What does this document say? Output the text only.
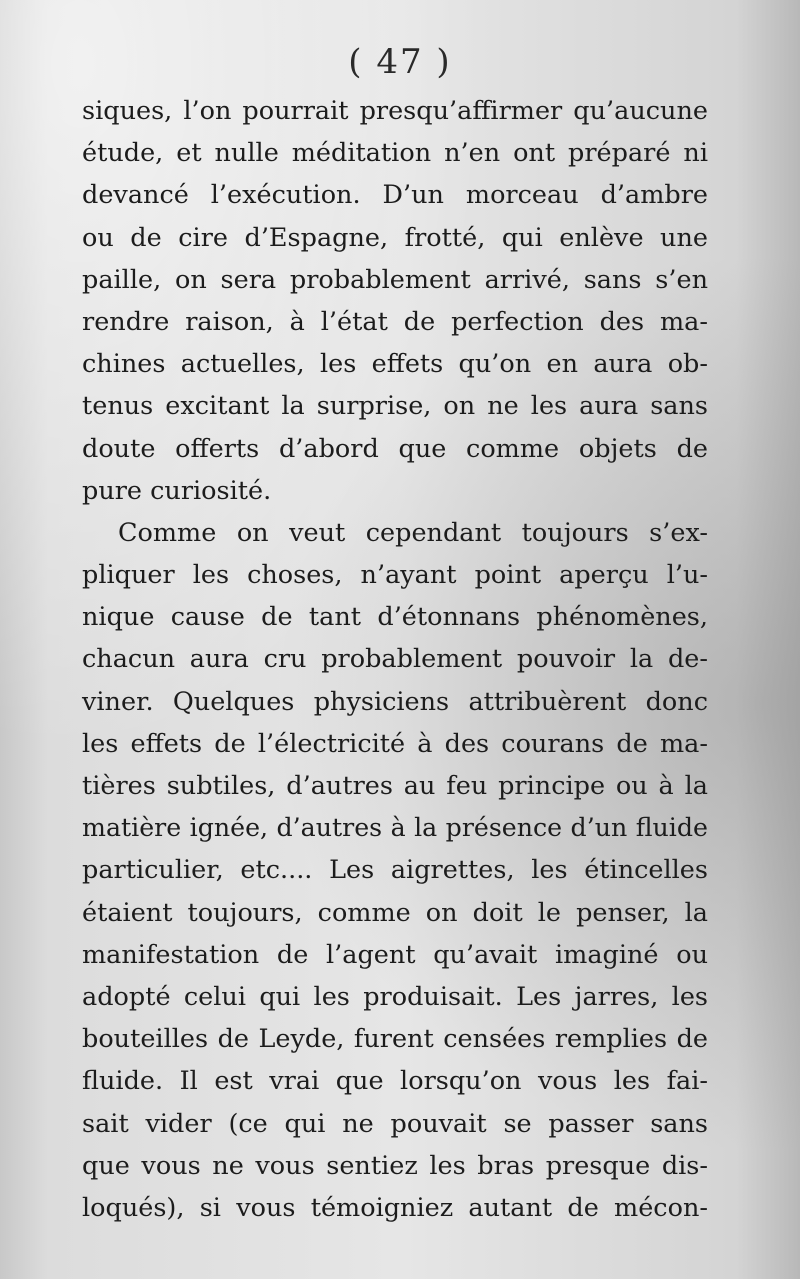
( 47 )
siques, l’on pourrait presqu’affirmer qu’aucune
étude, et nulle méditation n’en ont préparé ni
devancé l’exécution. D’un morceau d’ambre
ou de cire d’Espagne, frotté, qui enlève une
paille, on sera probablement arrivé, sans s’en
rendre raison, à l’état de perfection des ma-
chines actuelles, les effets qu’on en aura ob-
tenus excitant la surprise, on ne les aura sans
doute offerts d’abord que comme objets de
pure curiosité.
Comme on veut cependant toujours s’ex-
pliquer les choses, n’ayant point aperçu l’u-
nique cause de tant d’étonnans phénomènes,
chacun aura cru probablement pouvoir la de-
viner. Quelques physiciens attribuèrent donc
les effets de l’électricité à des courans de ma-
tières subtiles, d’autres au feu principe ou à la
matière ignée, d’autres à la présence d’un fluide
particulier, etc.... Les aigrettes, les étincelles
étaient toujours, comme on doit le penser, la
manifestation de l’agent qu’avait imaginé ou
adopté celui qui les produisait. Les jarres, les
bouteilles de Leyde, furent censées remplies de
fluide. Il est vrai que lorsqu’on vous les fai-
sait vider (ce qui ne pouvait se passer sans
que vous ne vous sentiez les bras presque dis-
loqués), si vous témoigniez autant de mécon-
